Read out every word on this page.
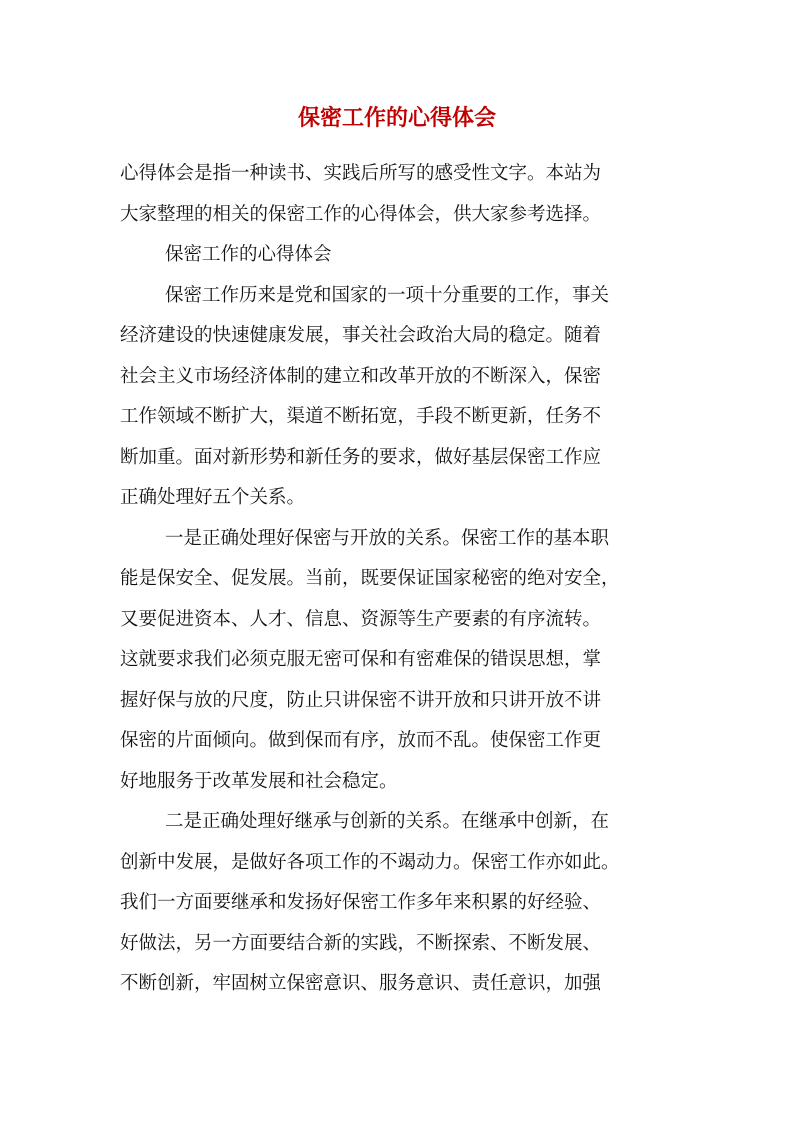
保密工作的心得体会
心得体会是指一种读书、实践后所写的感受性文字。本站为
大家整理的相关的保密工作的心得体会，供大家参考选择。
保密工作的心得体会
保密工作历来是党和国家的一项十分重要的工作，事关
经济建设的快速健康发展，事关社会政治大局的稳定。随着
社会主义市场经济体制的建立和改革开放的不断深入，保密
工作领域不断扩大，渠道不断拓宽，手段不断更新，任务不
断加重。面对新形势和新任务的要求，做好基层保密工作应
正确处理好五个关系。
一是正确处理好保密与开放的关系。保密工作的基本职
能是保安全、促发展。当前，既要保证国家秘密的绝对安全，
又要促进资本、人才、信息、资源等生产要素的有序流转。
这就要求我们必须克服无密可保和有密难保的错误思想，掌
握好保与放的尺度，防止只讲保密不讲开放和只讲开放不讲
保密的片面倾向。做到保而有序，放而不乱。使保密工作更
好地服务于改革发展和社会稳定。
二是正确处理好继承与创新的关系。在继承中创新，在
创新中发展，是做好各项工作的不竭动力。保密工作亦如此。
我们一方面要继承和发扬好保密工作多年来积累的好经验、
好做法，另一方面要结合新的实践，不断探索、不断发展、
不断创新，牢固树立保密意识、服务意识、责任意识，加强
